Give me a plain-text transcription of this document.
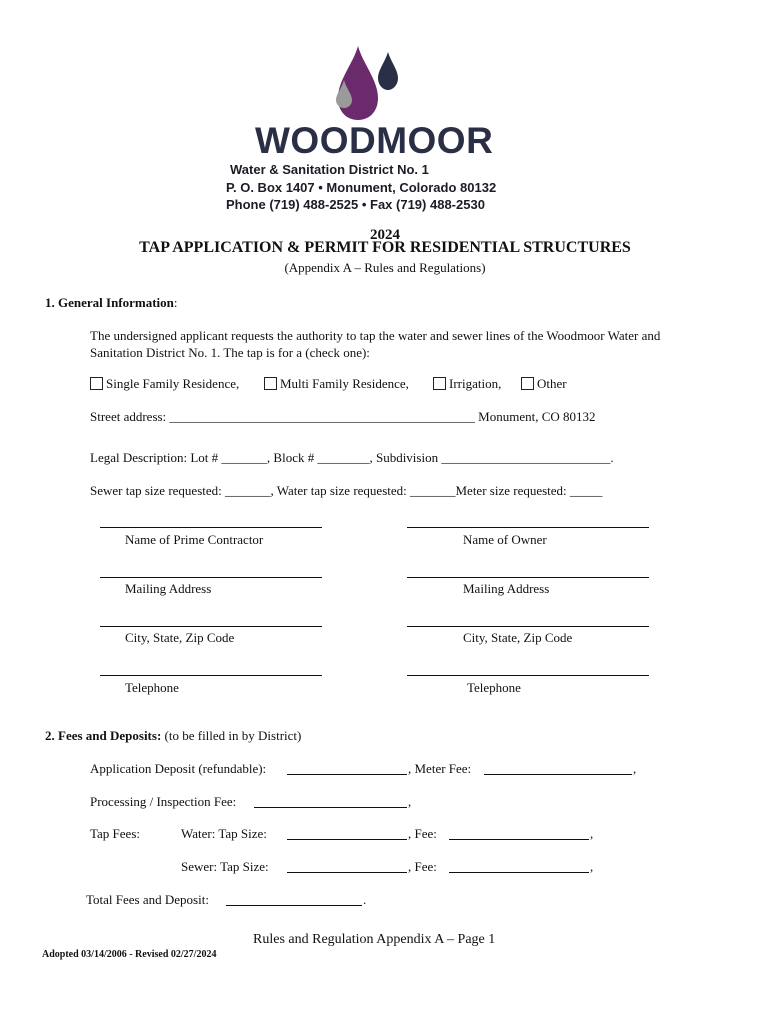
WOODMOOR
Water & Sanitation District No. 1
P. O. Box 1407 • Monument, Colorado 80132
Phone (719) 488-2525 • Fax (719) 488-2530
2024
TAP APPLICATION & PERMIT FOR RESIDENTIAL STRUCTURES
(Appendix A – Rules and Regulations)
1. General Information:
The undersigned applicant requests the authority to tap the water and sewer lines of the Woodmoor Water and
Sanitation District No. 1. The tap is for a (check one):
Single Family Residence,	Multi Family Residence,	Irrigation,	Other
Street address: _______________________________________________ Monument, CO 80132
Legal Description: Lot # _______, Block # ________, Subdivision __________________________.
Sewer tap size requested: _______, Water tap size requested: _______Meter size requested: _____
Name of Prime Contractor	Name of Owner
Mailing Address	Mailing Address
City, State, Zip Code	City, State, Zip Code
Telephone	Telephone
2. Fees and Deposits: (to be filled in by District)
Application Deposit (refundable):	, Meter Fee:	,
Processing / Inspection Fee:	,
Tap Fees:	Water: Tap Size:	, Fee:	,
Sewer: Tap Size:	, Fee:	,
Total Fees and Deposit:	.
Rules and Regulation Appendix A – Page 1
Adopted 03/14/2006 - Revised 02/27/2024
